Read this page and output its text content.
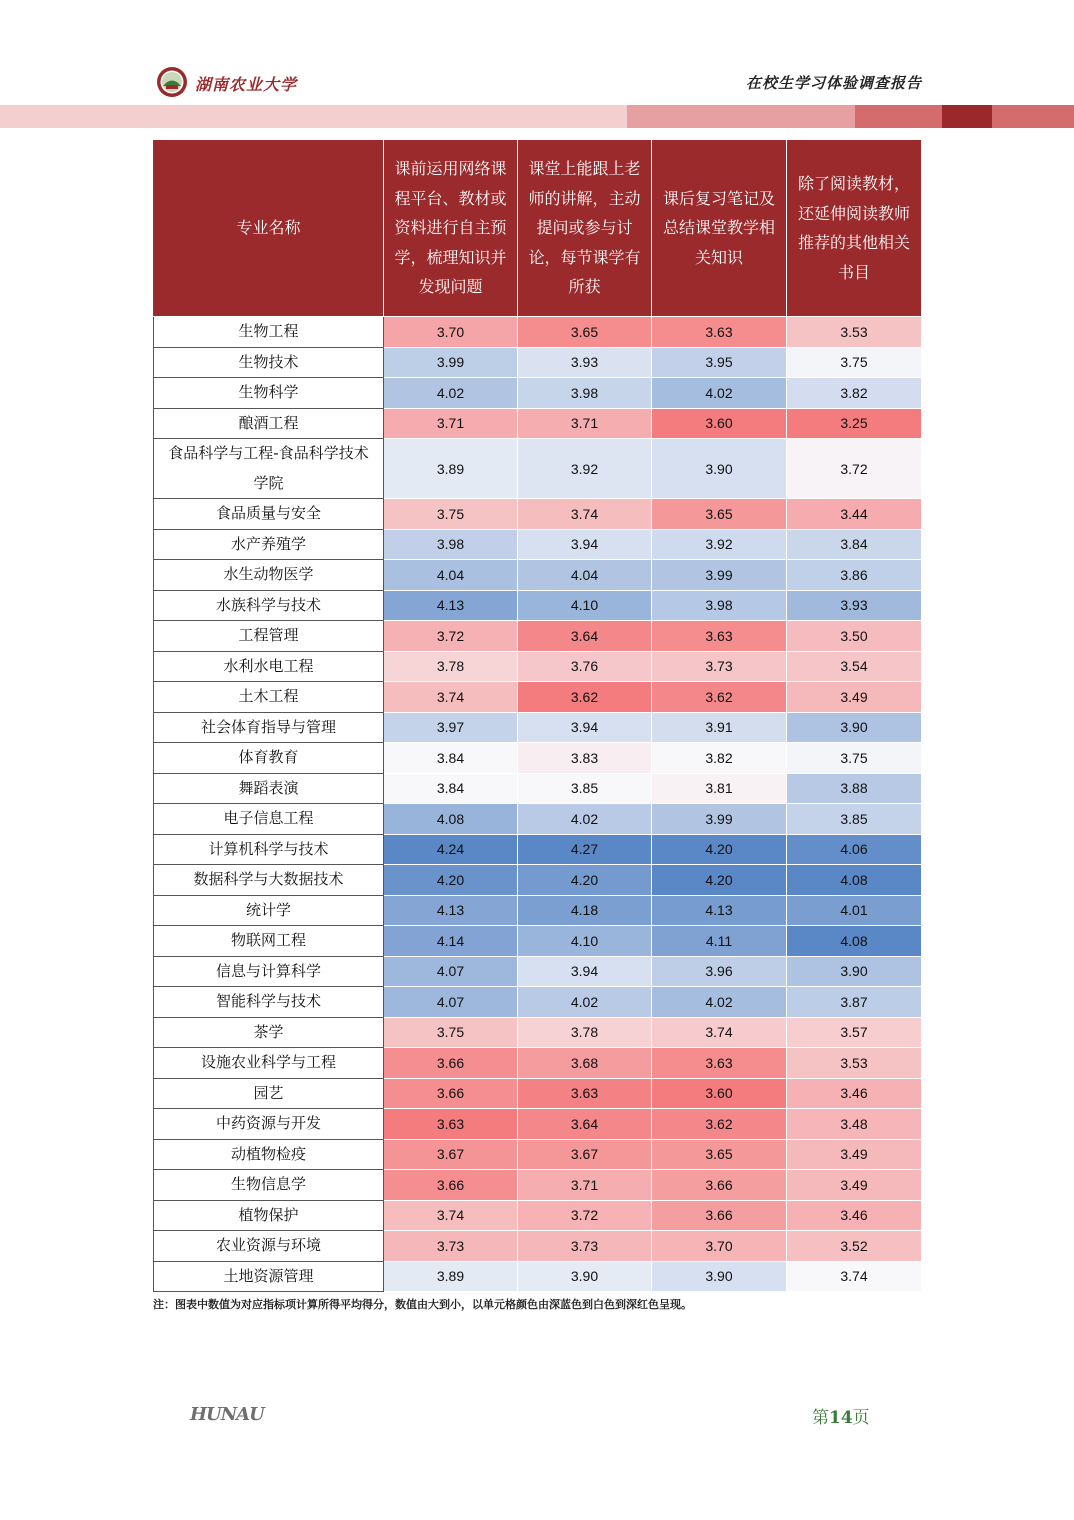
湖南农业大学	在校生学习体验调查报告
专业名称	课前运用网络课程平台、教材或资料进行自主预学，梳理知识并发现问题	课堂上能跟上老师的讲解，主动提问或参与讨论，每节课学有所获	课后复习笔记及总结课堂教学相关知识	除了阅读教材，还延伸阅读教师推荐的其他相关书目
生物工程	3.70	3.65	3.63	3.53
生物技术	3.99	3.93	3.95	3.75
生物科学	4.02	3.98	4.02	3.82
酿酒工程	3.71	3.71	3.60	3.25
食品科学与工程-食品科学技术学院	3.89	3.92	3.90	3.72
食品质量与安全	3.75	3.74	3.65	3.44
水产养殖学	3.98	3.94	3.92	3.84
水生动物医学	4.04	4.04	3.99	3.86
水族科学与技术	4.13	4.10	3.98	3.93
工程管理	3.72	3.64	3.63	3.50
水利水电工程	3.78	3.76	3.73	3.54
土木工程	3.74	3.62	3.62	3.49
社会体育指导与管理	3.97	3.94	3.91	3.90
体育教育	3.84	3.83	3.82	3.75
舞蹈表演	3.84	3.85	3.81	3.88
电子信息工程	4.08	4.02	3.99	3.85
计算机科学与技术	4.24	4.27	4.20	4.06
数据科学与大数据技术	4.20	4.20	4.20	4.08
统计学	4.13	4.18	4.13	4.01
物联网工程	4.14	4.10	4.11	4.08
信息与计算科学	4.07	3.94	3.96	3.90
智能科学与技术	4.07	4.02	4.02	3.87
茶学	3.75	3.78	3.74	3.57
设施农业科学与工程	3.66	3.68	3.63	3.53
园艺	3.66	3.63	3.60	3.46
中药资源与开发	3.63	3.64	3.62	3.48
动植物检疫	3.67	3.67	3.65	3.49
生物信息学	3.66	3.71	3.66	3.49
植物保护	3.74	3.72	3.66	3.46
农业资源与环境	3.73	3.73	3.70	3.52
土地资源管理	3.89	3.90	3.90	3.74
注：图表中数值为对应指标项计算所得平均得分，数值由大到小，以单元格颜色由深蓝色到白色到深红色呈现。
HUNAU	第14页
